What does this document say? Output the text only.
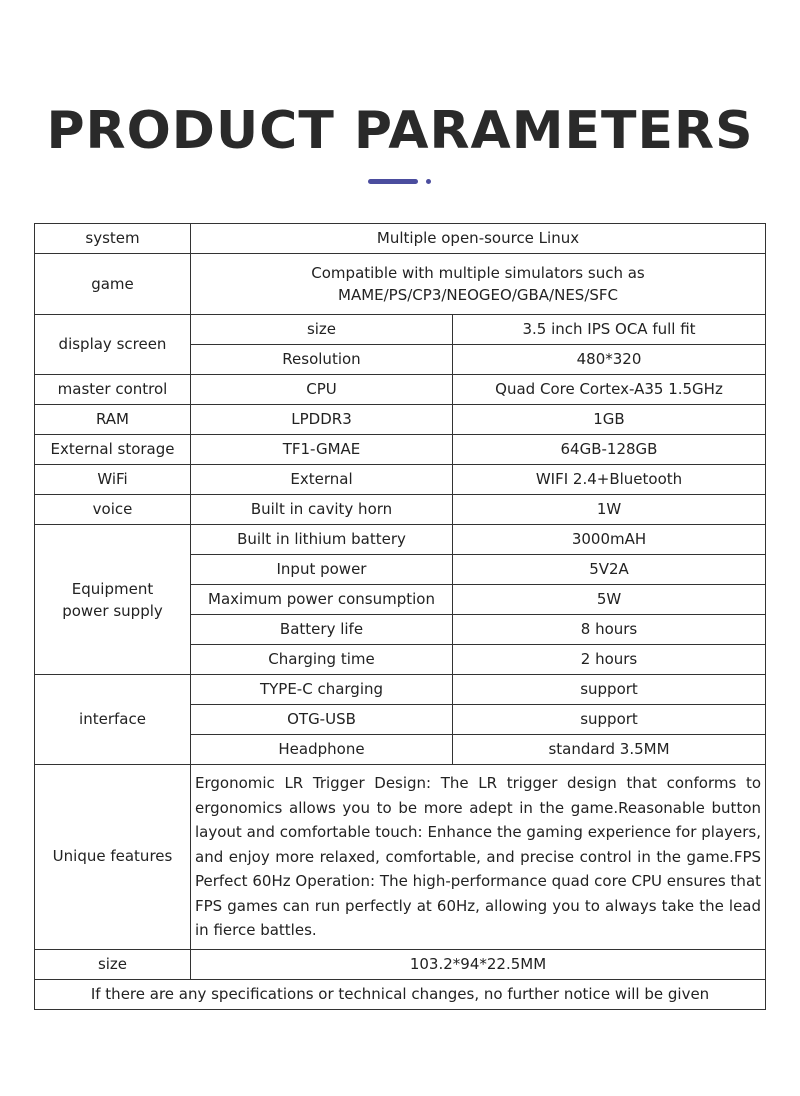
PRODUCT PARAMETERS
system	Multiple open-source Linux	
game	Compatible with multiple simulators such as
MAME/PS/CP3/NEOGEO/GBA/NES/SFC	

display screen	size	3.5 inch IPS OCA full fit
	Resolution	480*320
master control	CPU	Quad Core Cortex-A35 1.5GHz
RAM	LPDDR3	1GB
External storage	TF1-GMAE	64GB-128GB
WiFi	External	WIFI 2.4+Bluetooth
voice	Built in cavity horn	1W

Equipment
power supply	Built in lithium battery	3000mAH
	Input power	5V2A
	Maximum power consumption	5W
	Battery life	8 hours
	Charging time	2 hours
interface	TYPE-C charging	support
	OTG-USB	support
	Headphone	standard 3.5MM
Unique features	Ergonomic LR Trigger Design: The LR trigger design that conforms to ergonomics allows you to be more adept in the game.Reasonable button layout and comfortable touch: Enhance the gaming experience for players, and enjoy more relaxed, comfortable, and precise control in the game.FPS Perfect 60Hz Operation: The high-performance quad core CPU ensures that FPS games can run perfectly at 60Hz, allowing you to always take the lead in fierce battles.	
size	103.2*94*22.5MM	
If there are any specifications or technical changes, no further notice will be given		
